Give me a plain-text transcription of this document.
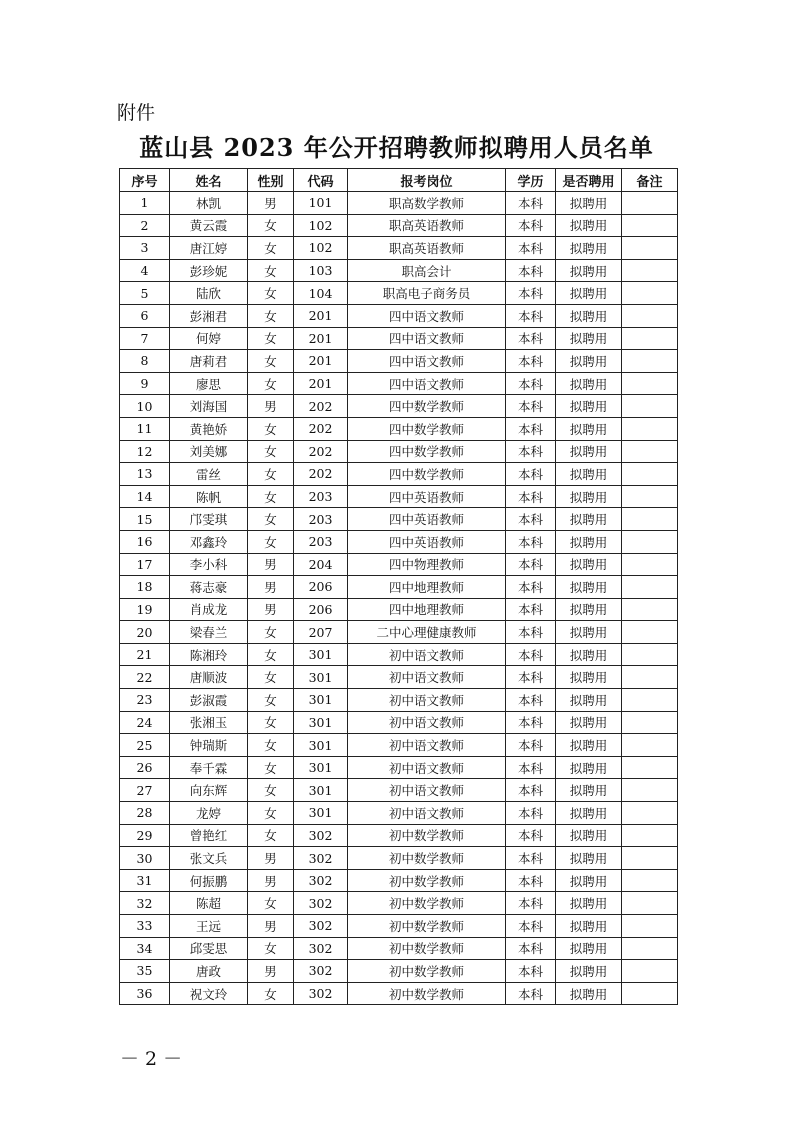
附件
蓝山县 2023 年公开招聘教师拟聘用人员名单
序号	姓名	性别	代码	报考岗位	学历	是否聘用	备注
1	林凯	男	101	职高数学教师	本科	拟聘用	
2	黄云霞	女	102	职高英语教师	本科	拟聘用	
3	唐江婷	女	102	职高英语教师	本科	拟聘用	
4	彭珍妮	女	103	职高会计	本科	拟聘用	
5	陆欣	女	104	职高电子商务员	本科	拟聘用	
6	彭湘君	女	201	四中语文教师	本科	拟聘用	
7	何婷	女	201	四中语文教师	本科	拟聘用	
8	唐莉君	女	201	四中语文教师	本科	拟聘用	
9	廖思	女	201	四中语文教师	本科	拟聘用	
10	刘海国	男	202	四中数学教师	本科	拟聘用	
11	黄艳娇	女	202	四中数学教师	本科	拟聘用	
12	刘美娜	女	202	四中数学教师	本科	拟聘用	
13	雷丝	女	202	四中数学教师	本科	拟聘用	
14	陈帆	女	203	四中英语教师	本科	拟聘用	
15	邝雯琪	女	203	四中英语教师	本科	拟聘用	
16	邓鑫玲	女	203	四中英语教师	本科	拟聘用	
17	李小科	男	204	四中物理教师	本科	拟聘用	
18	蒋志豪	男	206	四中地理教师	本科	拟聘用	
19	肖成龙	男	206	四中地理教师	本科	拟聘用	
20	梁春兰	女	207	二中心理健康教师	本科	拟聘用	
21	陈湘玲	女	301	初中语文教师	本科	拟聘用	
22	唐顺波	女	301	初中语文教师	本科	拟聘用	
23	彭淑霞	女	301	初中语文教师	本科	拟聘用	
24	张湘玉	女	301	初中语文教师	本科	拟聘用	
25	钟瑞斯	女	301	初中语文教师	本科	拟聘用	
26	奉千霖	女	301	初中语文教师	本科	拟聘用	
27	向东辉	女	301	初中语文教师	本科	拟聘用	
28	龙婷	女	301	初中语文教师	本科	拟聘用	
29	曾艳红	女	302	初中数学教师	本科	拟聘用	
30	张文兵	男	302	初中数学教师	本科	拟聘用	
31	何振鹏	男	302	初中数学教师	本科	拟聘用	
32	陈超	女	302	初中数学教师	本科	拟聘用	
33	王远	男	302	初中数学教师	本科	拟聘用	
34	邱雯思	女	302	初中数学教师	本科	拟聘用	
35	唐政	男	302	初中数学教师	本科	拟聘用	
36	祝文玲	女	302	初中数学教师	本科	拟聘用	
－ 2 －
